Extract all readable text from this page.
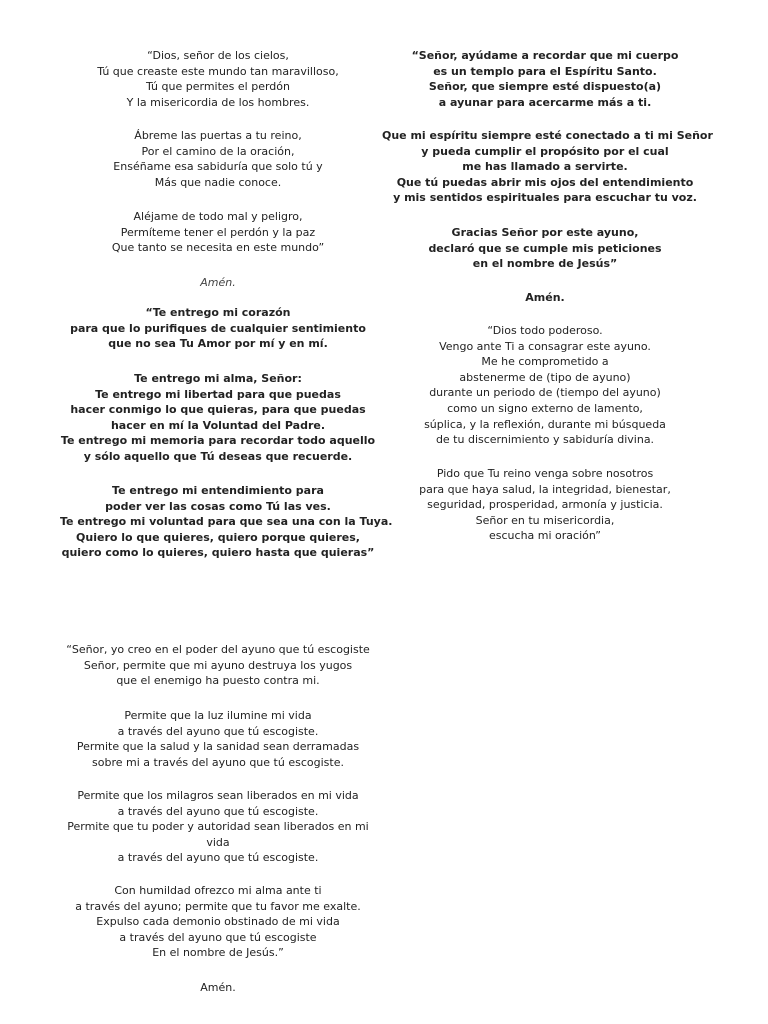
“Dios, señor de los cielos,

Tú que creaste este mundo tan maravilloso,

Tú que permites el perdón

Y la misericordia de los hombres.

Ábreme las puertas a tu reino,

Por el camino de la oración,

Enséñame esa sabiduría que solo tú y

Más que nadie conoce.

Aléjame de todo mal y peligro,

Permíteme tener el perdón y la paz

Que tanto se necesita en este mundo”

Amén.

“Te entrego mi corazón

para que lo purifiques de cualquier sentimiento

que no sea Tu Amor por mí y en mí.

Te entrego mi alma, Señor:

Te entrego mi libertad para que puedas

hacer conmigo lo que quieras, para que puedas

hacer en mí la Voluntad del Padre.

Te entrego mi memoria para recordar todo aquello

y sólo aquello que Tú deseas que recuerde.

Te entrego mi entendimiento para

poder ver las cosas como Tú las ves.

Te entrego mi voluntad para que sea una con la Tuya.

Quiero lo que quieres, quiero porque quieres,

quiero como lo quieres, quiero hasta que quieras”

“Señor, ayúdame a recordar que mi cuerpo

es un templo para el Espíritu Santo.

Señor, que siempre esté dispuesto(a)

a ayunar para acercarme más a ti.

Que mi espíritu siempre esté conectado a ti mi Señor

y pueda cumplir el propósito por el cual

me has llamado a servirte.

Que tú puedas abrir mis ojos del entendimiento

y mis sentidos espirituales para escuchar tu voz.

Gracias Señor por este ayuno,

declaró que se cumple mis peticiones

en el nombre de Jesús”

Amén.

“Dios todo poderoso.

Vengo ante Ti a consagrar este ayuno.

Me he comprometido a

abstenerme de (tipo de ayuno)

durante un periodo de (tiempo del ayuno)

como un signo externo de lamento,

súplica, y la reflexión, durante mi búsqueda

de tu discernimiento y sabiduría divina.

Pido que Tu reino venga sobre nosotros

para que haya salud, la integridad, bienestar,

seguridad, prosperidad, armonía y justicia.

Señor en tu misericordia,

escucha mi oración”

“Señor, yo creo en el poder del ayuno que tú escogiste

Señor, permite que mi ayuno destruya los yugos

que el enemigo ha puesto contra mi.

Permite que la luz ilumine mi vida

a través del ayuno que tú escogiste.

Permite que la salud y la sanidad sean derramadas

sobre mi a través del ayuno que tú escogiste.

Permite que los milagros sean liberados en mi vida

a través del ayuno que tú escogiste.

Permite que tu poder y autoridad sean liberados en mi

vida

a través del ayuno que tú escogiste.

Con humildad ofrezco mi alma ante ti

a través del ayuno; permite que tu favor me exalte.

Expulso cada demonio obstinado de mi vida

a través del ayuno que tú escogiste

En el nombre de Jesús.”

Amén.
